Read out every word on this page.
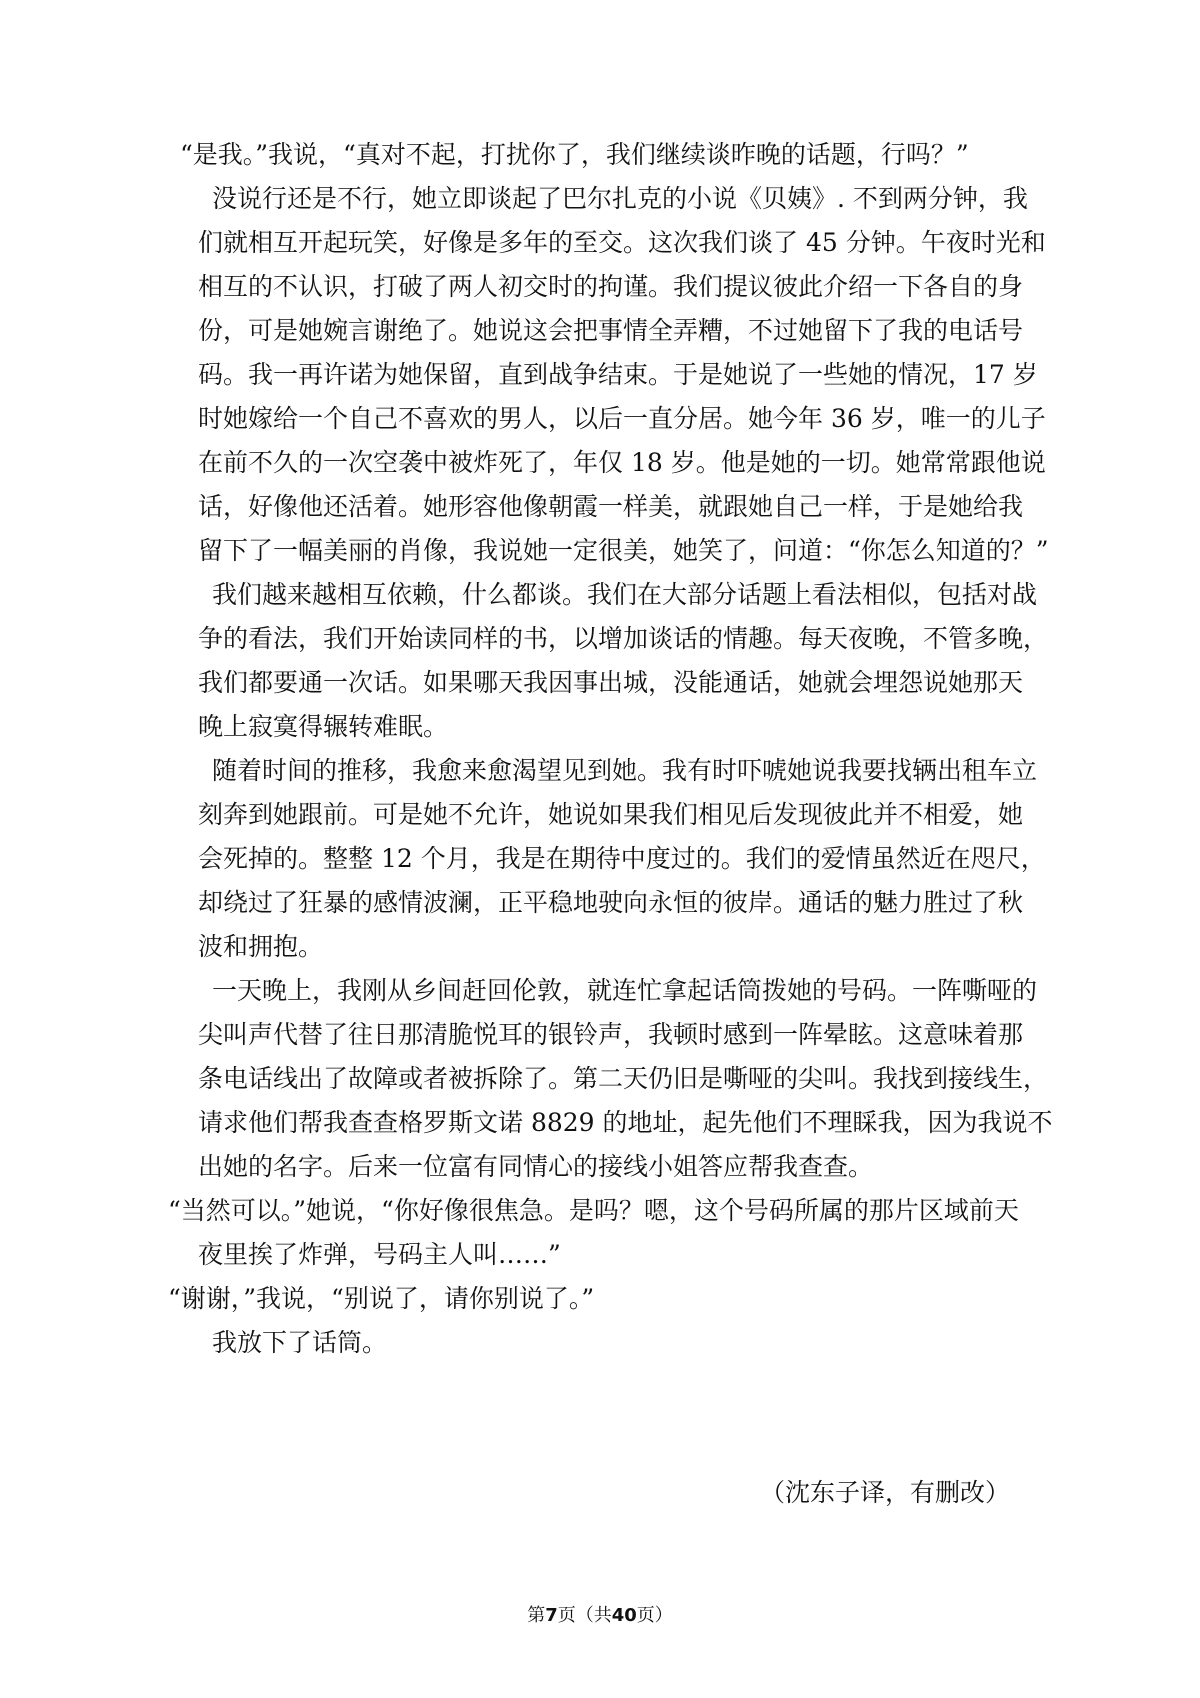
“是我。”我说，“真对不起，打扰你了，我们继续谈昨晚的话题，行吗？”
没说行还是不行，她立即谈起了巴尔扎克的小说《贝姨》. 不到两分钟，我
们就相互开起玩笑，好像是多年的至交。这次我们谈了 45 分钟。午夜时光和
相互的不认识，打破了两人初交时的拘谨。我们提议彼此介绍一下各自的身
份，可是她婉言谢绝了。她说这会把事情全弄糟，不过她留下了我的电话号
码。我一再许诺为她保留，直到战争结束。于是她说了一些她的情况，17 岁
时她嫁给一个自己不喜欢的男人，以后一直分居。她今年 36 岁，唯一的儿子
在前不久的一次空袭中被炸死了，年仅 18 岁。他是她的一切。她常常跟他说
话，好像他还活着。她形容他像朝霞一样美，就跟她自己一样，于是她给我
留下了一幅美丽的肖像，我说她一定很美，她笑了，问道：“你怎么知道的？”
我们越来越相互依赖，什么都谈。我们在大部分话题上看法相似，包括对战
争的看法，我们开始读同样的书，以增加谈话的情趣。每天夜晚，不管多晚，
我们都要通一次话。如果哪天我因事出城，没能通话，她就会埋怨说她那天
晚上寂寞得辗转难眠。
随着时间的推移，我愈来愈渴望见到她。我有时吓唬她说我要找辆出租车立
刻奔到她跟前。可是她不允许，她说如果我们相见后发现彼此并不相爱，她
会死掉的。整整 12 个月，我是在期待中度过的。我们的爱情虽然近在咫尺，
却绕过了狂暴的感情波澜，正平稳地驶向永恒的彼岸。通话的魅力胜过了秋
波和拥抱。
一天晚上，我刚从乡间赶回伦敦，就连忙拿起话筒拨她的号码。一阵嘶哑的
尖叫声代替了往日那清脆悦耳的银铃声，我顿时感到一阵晕眩。这意味着那
条电话线出了故障或者被拆除了。第二天仍旧是嘶哑的尖叫。我找到接线生，
请求他们帮我查查格罗斯文诺 8829 的地址，起先他们不理睬我，因为我说不
出她的名字。后来一位富有同情心的接线小姐答应帮我查查。
“当然可以。”她说，“你好像很焦急。是吗？嗯，这个号码所属的那片区域前天
夜里挨了炸弹，号码主人叫……”
“谢谢，”我说，“别说了，请你别说了。”
我放下了话筒。
（沈东子译，有删改）
第7页（共40页）
